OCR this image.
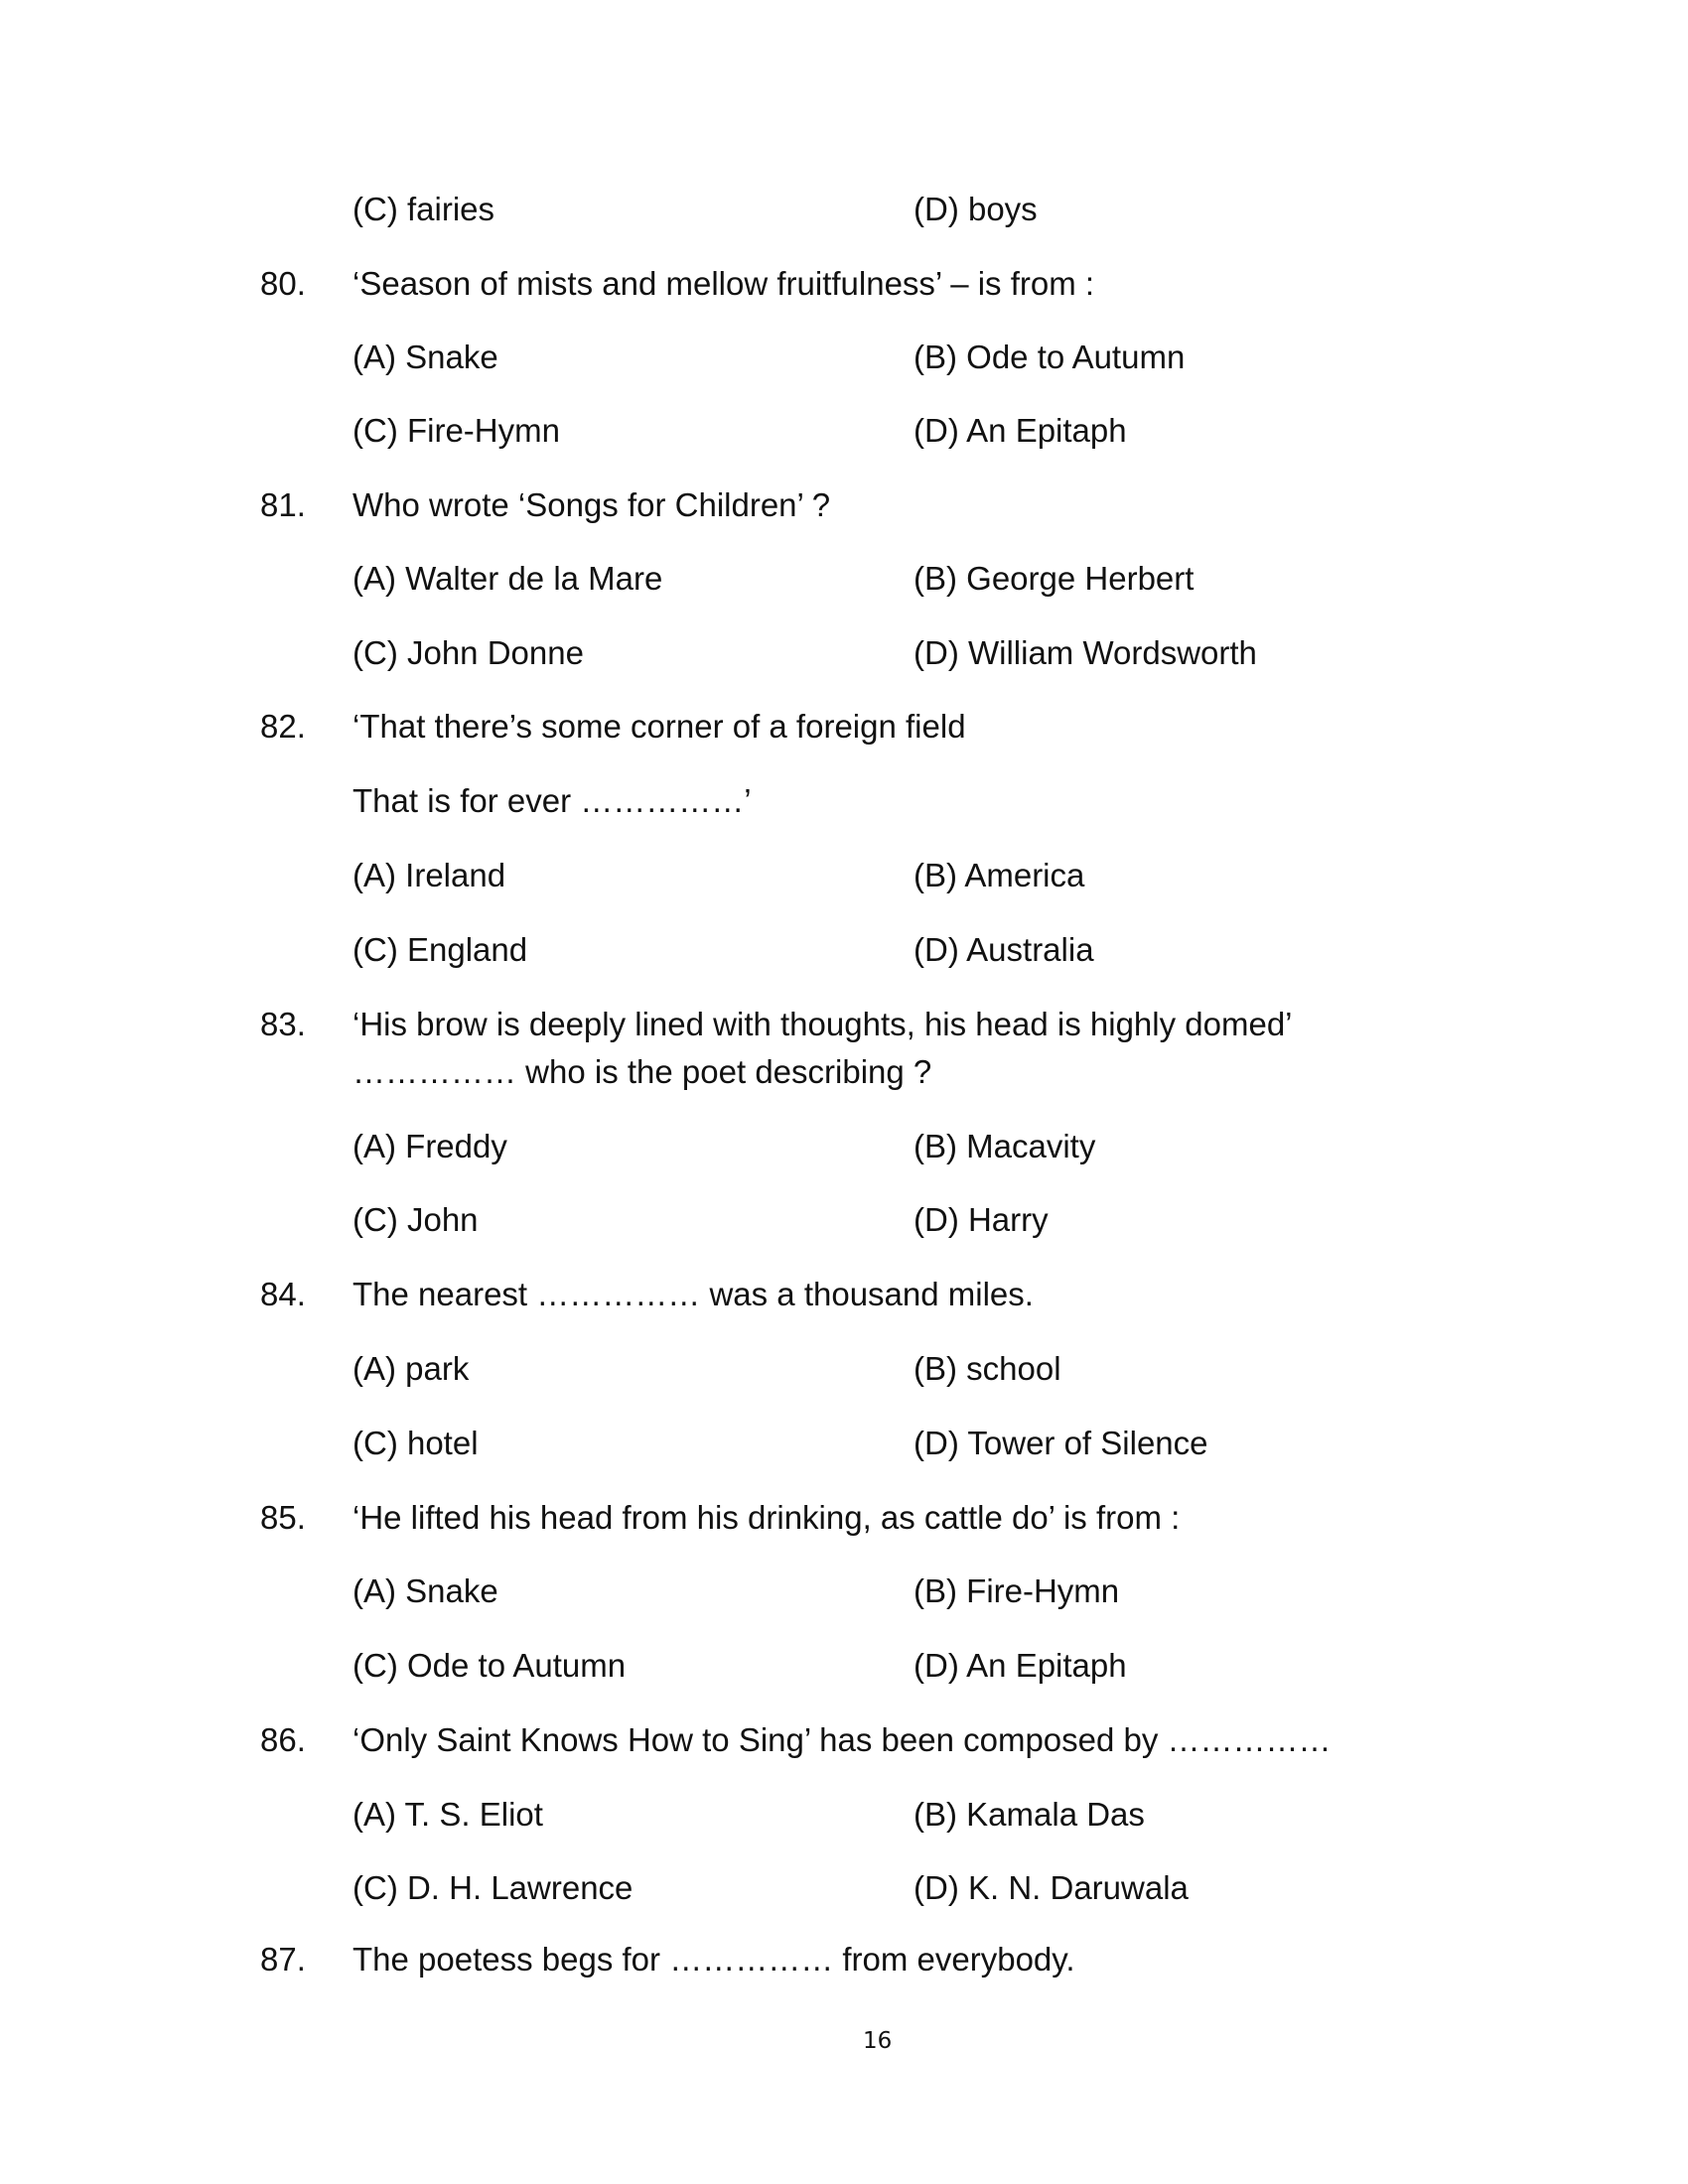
(C) fairies	(D) boys
80. ‘Season of mists and mellow fruitfulness’ – is from :
(A) Snake	(B) Ode to Autumn
(C) Fire-Hymn	(D) An Epitaph
81. Who wrote ‘Songs for Children’ ?
(A) Walter de la Mare	(B) George Herbert
(C) John Donne	(D) William Wordsworth
82. ‘That there’s some corner of a foreign field
That is for ever ……………’
(A) Ireland	(B) America
(C) England	(D) Australia
83. ‘His brow is deeply lined with thoughts, his head is highly domed’
…………… who is the poet describing ?
(A) Freddy	(B) Macavity
(C) John	(D) Harry
84. The nearest …………… was a thousand miles.
(A) park	(B) school
(C) hotel	(D) Tower of Silence
85. ‘He lifted his head from his drinking, as cattle do’ is from :
(A) Snake	(B) Fire-Hymn
(C) Ode to Autumn	(D) An Epitaph
86. ‘Only Saint Knows How to Sing’ has been composed by ……………
(A) T. S. Eliot	(B) Kamala Das
(C) D. H. Lawrence	(D) K. N. Daruwala
87. The poetess begs for …………… from everybody.
16
